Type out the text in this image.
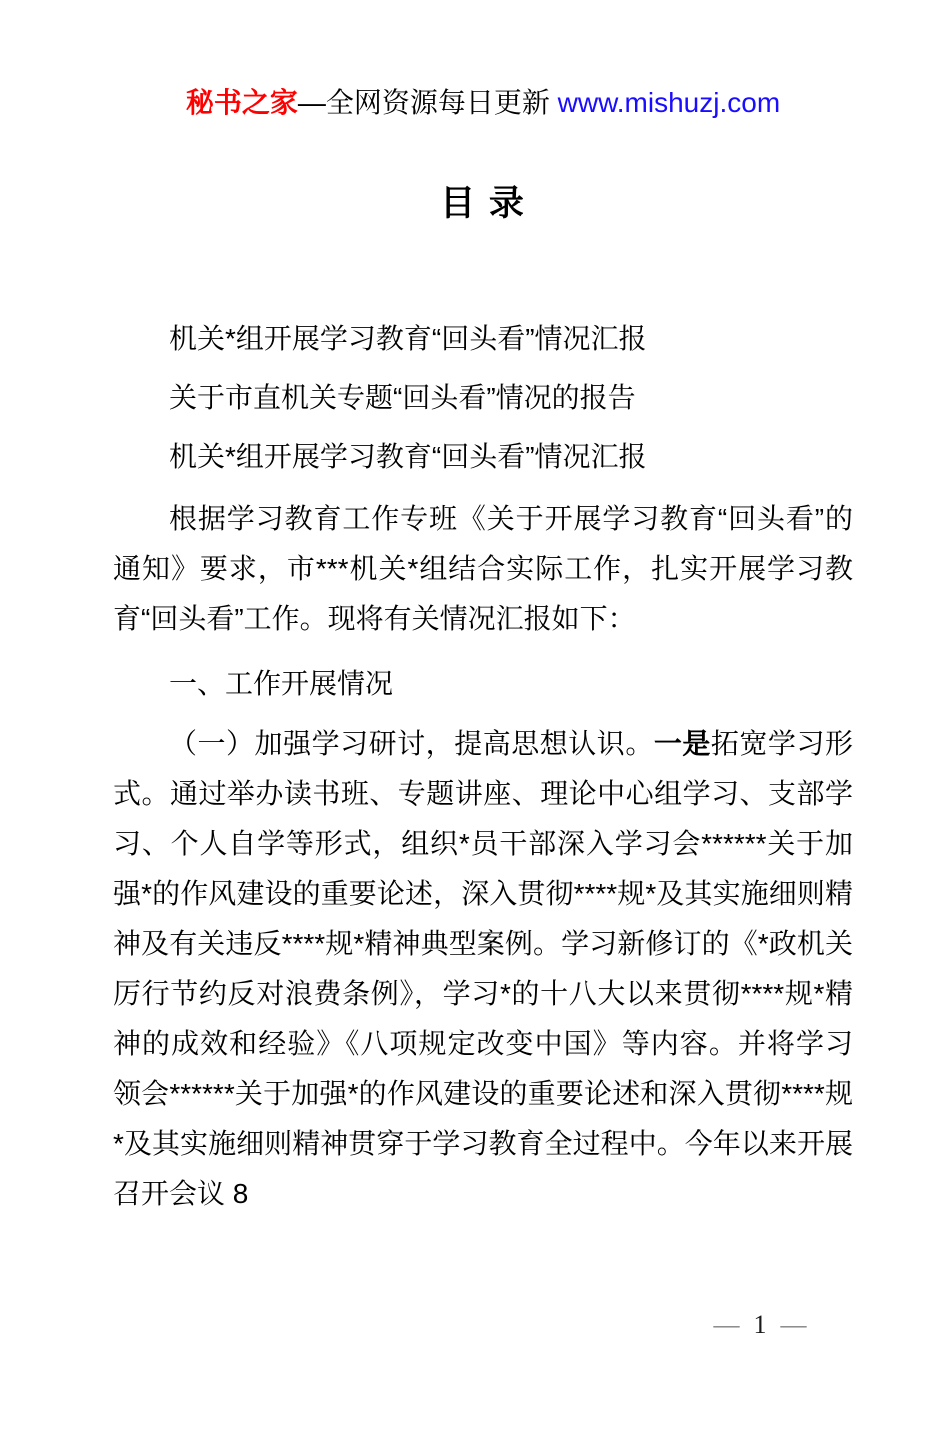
秘书之家—全网资源每日更新 www.mishuzj.com
目 录
机关*组开展学习教育“回头看”情况汇报
关于市直机关专题“回头看”情况的报告
机关*组开展学习教育“回头看”情况汇报

根据学习教育工作专班《关于开展学习教育“回头看”的通知》要求，市***机关*组结合实际工作，扎实开展学习教育“回头看”工作。现将有关情况汇报如下：

一、工作开展情况

（一）加强学习研讨，提高思想认识。一是拓宽学习形式。通过举办读书班、专题讲座、理论中心组学习、支部学习、个人自学等形式，组织*员干部深入学习会******关于加强*的作风建设的重要论述，深入贯彻****规*及其实施细则精神及有关违反****规*精神典型案例。学习新修订的《*政机关厉行节约反对浪费条例》，学习*的十八大以来贯彻****规*精神的成效和经验》《八项规定改变中国》等内容。并将学习领会******关于加强*的作风建设的重要论述和深入贯彻****规*及其实施细则精神贯穿于学习教育全过程中。今年以来开展召开会议 8

— 1 —
